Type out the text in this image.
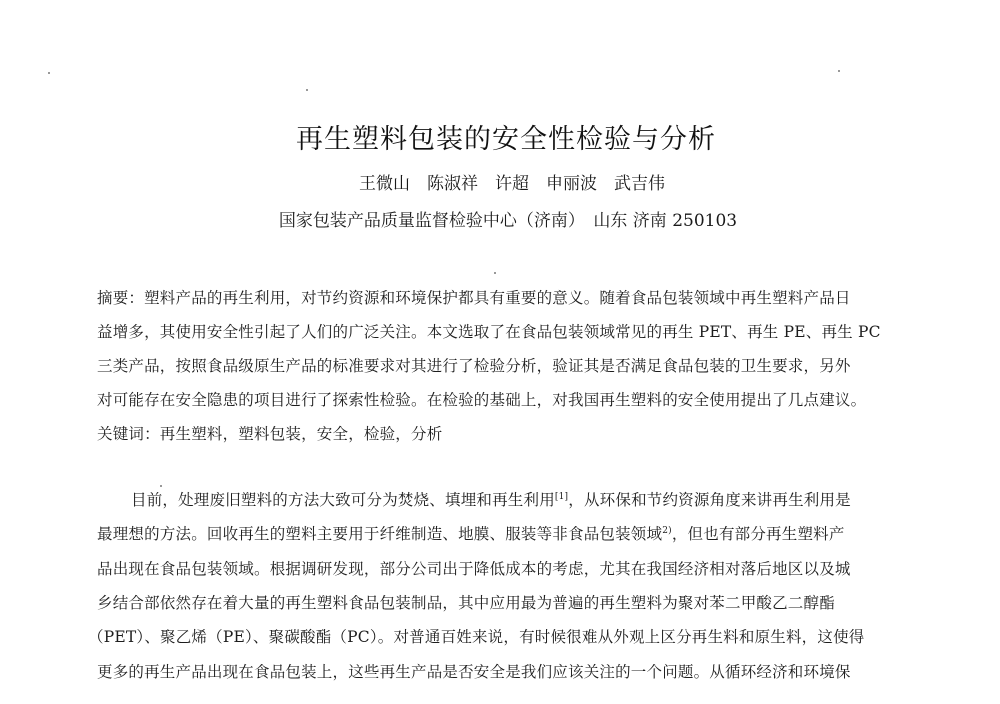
再生塑料包装的安全性检验与分析
王微山　陈淑祥　许超　申丽波　武吉伟
国家包装产品质量监督检验中心（济南）　山东 济南 250103
摘要：塑料产品的再生利用，对节约资源和环境保护都具有重要的意义。随着食品包装领域中再生塑料产品日
益增多，其使用安全性引起了人们的广泛关注。本文选取了在食品包装领域常见的再生 PET、再生 PE、再生 PC
三类产品，按照食品级原生产品的标准要求对其进行了检验分析，验证其是否满足食品包装的卫生要求，另外
对可能存在安全隐患的项目进行了探索性检验。在检验的基础上，对我国再生塑料的安全使用提出了几点建议。
关键词：再生塑料，塑料包装，安全，检验，分析
目前，处理废旧塑料的方法大致可分为焚烧、填埋和再生利用[1]，从环保和节约资源角度来讲再生利用是
最理想的方法。回收再生的塑料主要用于纤维制造、地膜、服装等非食品包装领域$^{2)}$，但也有部分再生塑料产
品出现在食品包装领域。根据调研发现，部分公司出于降低成本的考虑，尤其在我国经济相对落后地区以及城
乡结合部依然存在着大量的再生塑料食品包装制品，其中应用最为普遍的再生塑料为聚对苯二甲酸乙二醇酯
（PET）、聚乙烯（PE）、聚碳酸酯（PC）。对普通百姓来说，有时候很难从外观上区分再生料和原生料，这使得
更多的再生产品出现在食品包装上，这些再生产品是否安全是我们应该关注的一个问题。从循环经济和环境保
